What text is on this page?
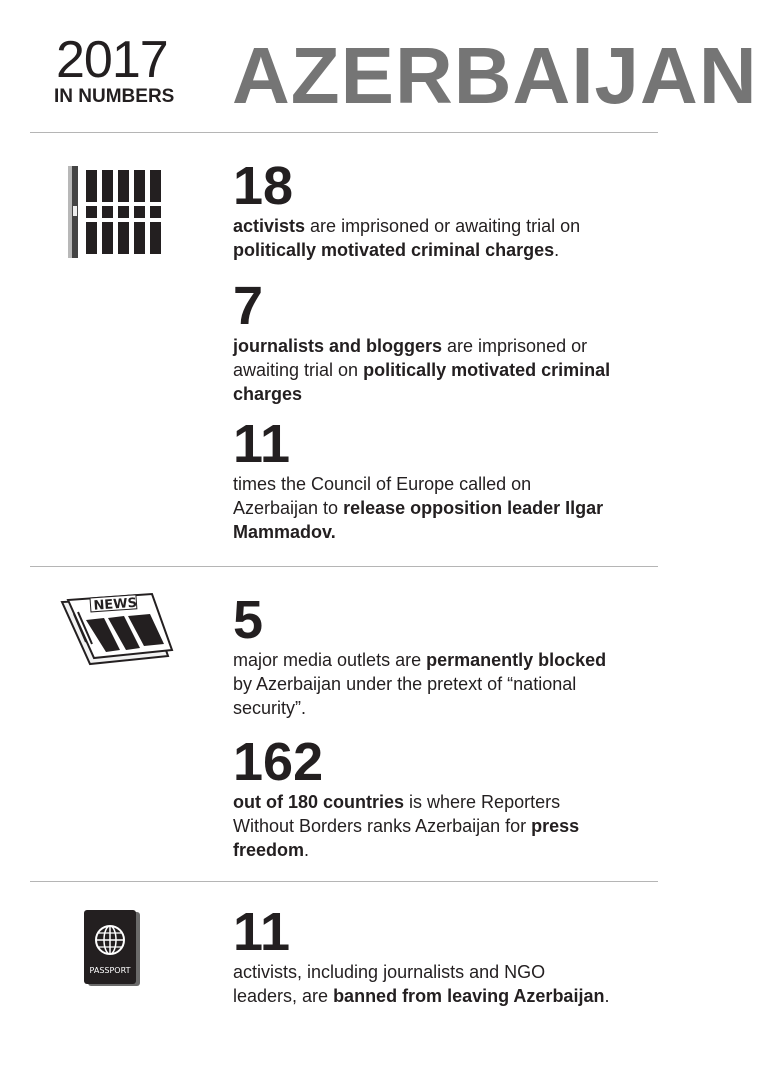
2017
IN NUMBERS AZERBAIJAN
18
activists are imprisoned or awaiting trial on politically motivated criminal charges.
7
journalists and bloggers are imprisoned or awaiting trial on politically motivated criminal charges
11
times the Council of Europe called on Azerbaijan to release opposition leader Ilgar Mammadov.
NEWS 5
major media outlets are permanently blocked by Azerbaijan under the pretext of “national security”.
162
out of 180 countries is where Reporters Without Borders ranks Azerbaijan for press freedom.
PASSPORT
11
activists, including journalists and NGO leaders, are banned from leaving Azerbaijan.
